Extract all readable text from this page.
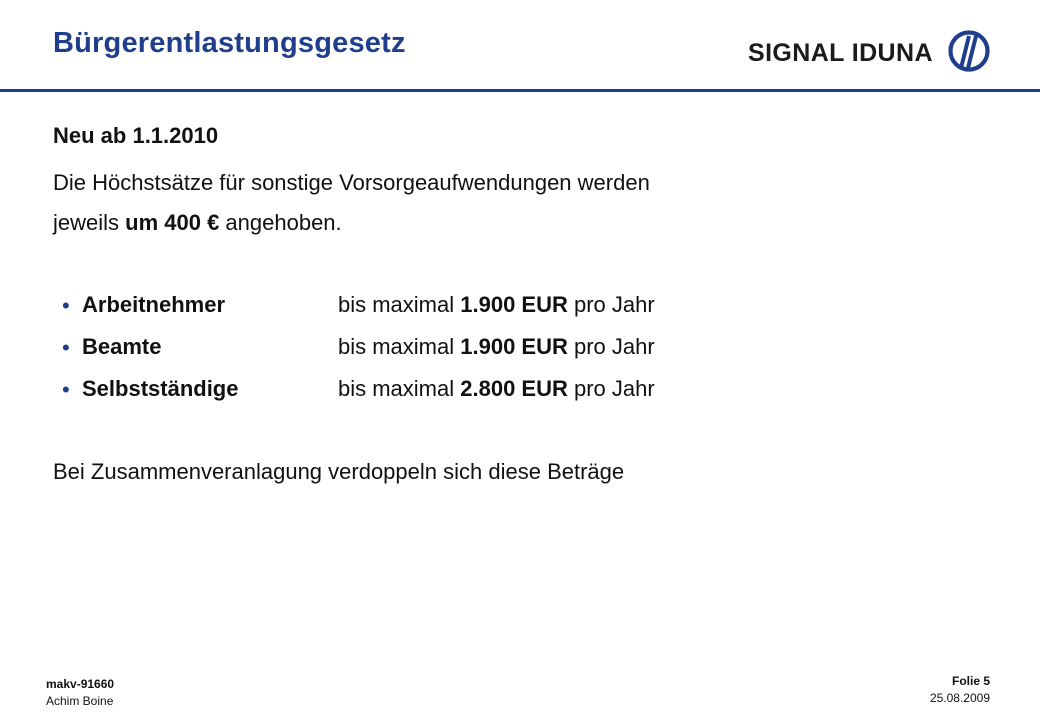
Bürgerentlastungsgesetz	SIGNAL IDUNA
Neu ab 1.1.2010
Die Höchstsätze für sonstige Vorsorgeaufwendungen werden
jeweils um 400 € angehoben.
• Arbeitnehmer	bis maximal 1.900 EUR pro Jahr
• Beamte	bis maximal 1.900 EUR pro Jahr
• Selbstständige	bis maximal 2.800 EUR pro Jahr
Bei Zusammenveranlagung verdoppeln sich diese Beträge
makv-91660
Achim Boine
Folie 5
25.08.2009
